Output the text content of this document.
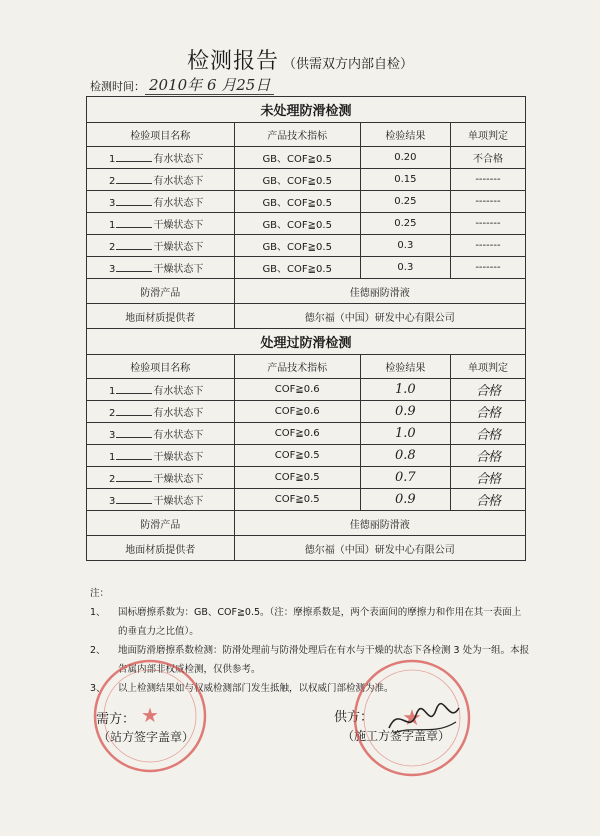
检测报告 （供需双方内部自检）
检测时间： 2010年 6 月25日
未处理防滑检测			
检验项目名称	产品技术指标	检验结果	单项判定
1 有水状态下	GB、COF≧0.5	0.20	不合格
2 有水状态下	GB、COF≧0.5	0.15	-------
3 有水状态下	GB、COF≧0.5	0.25	-------
1 干燥状态下	GB、COF≧0.5	0.25	-------
2 干燥状态下	GB、COF≧0.5	0.3	-------
3 干燥状态下	GB、COF≧0.5	0.3	-------
防滑产品	佳德丽防滑液		
地面材质提供者	德尔福（中国）研发中心有限公司		
处理过防滑检测			
检验项目名称	产品技术指标	检验结果	单项判定
1 有水状态下	COF≧0.6	1.0	合格
2 有水状态下	COF≧0.6	0.9	合格
3 有水状态下	COF≧0.6	1.0	合格
1 干燥状态下	COF≧0.5	0.8	合格
2 干燥状态下	COF≧0.5	0.7	合格
3 干燥状态下	COF≧0.5	0.9	合格
防滑产品	佳德丽防滑液		
地面材质提供者	德尔福（中国）研发中心有限公司		
注：
1、 国标磨擦系数为：GB、COF≧0.5。（注：摩擦系数是，两个表面间的摩擦力和作用在其一表面上的垂直力之比值）。
2、 地面防滑磨擦系数检测：防滑处理前与防滑处理后在有水与干燥的状态下各检测 3 处为一组。本报告属内部非权威检测，仅供参考。
3、 以上检测结果如与权威检测部门发生抵触，以权威门部检测为准。
需方：
（站方签字盖章）
供方：
（施工方签字盖章）
★	★
